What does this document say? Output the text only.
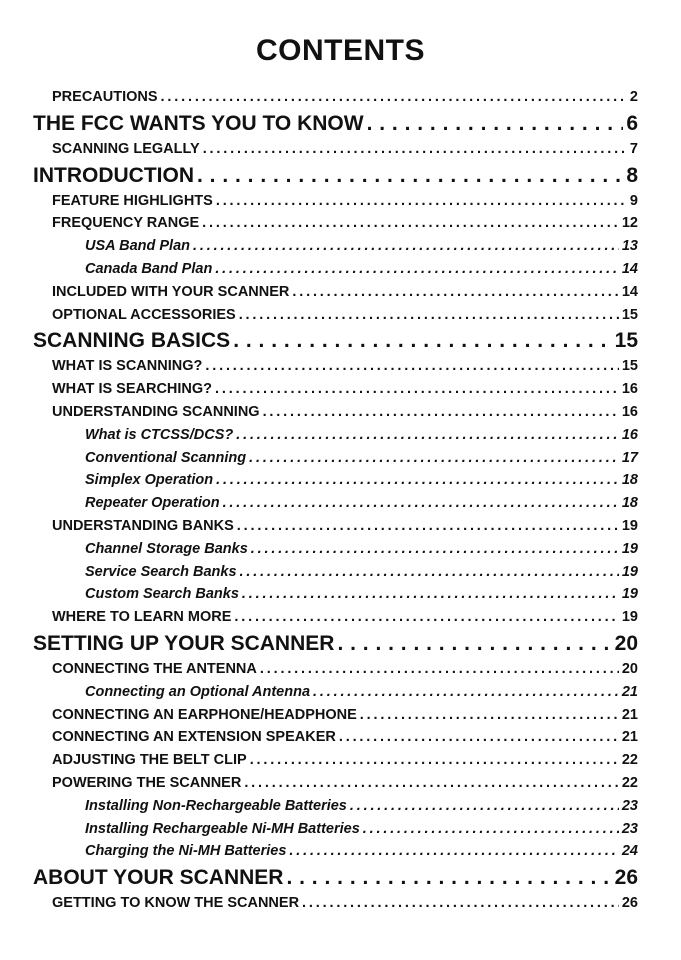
CONTENTS
PRECAUTIONS . . .	2
THE FCC WANTS YOU TO KNOW . . .	6
SCANNING LEGALLY . . .	7
INTRODUCTION . . .	8
FEATURE HIGHLIGHTS . . .	9
FREQUENCY RANGE . . .	12
USA Band Plan . . .	13
Canada Band Plan . . .	14
INCLUDED WITH YOUR SCANNER . . .	14
OPTIONAL ACCESSORIES . . .	15
SCANNING BASICS . . .	15
WHAT IS SCANNING? . . .	15
WHAT IS SEARCHING? . . .	16
UNDERSTANDING SCANNING . . .	16
What is CTCSS/DCS? . . .	16
Conventional Scanning . . .	17
Simplex Operation . . .	18
Repeater Operation . . .	18
UNDERSTANDING BANKS . . .	19
Channel Storage Banks . . .	19
Service Search Banks . . .	19
Custom Search Banks . . .	19
WHERE TO LEARN MORE . . .	19
SETTING UP YOUR SCANNER . . .	20
CONNECTING THE ANTENNA . . .	20
Connecting an Optional Antenna . . .	21
CONNECTING AN EARPHONE/HEADPHONE . . .	21
CONNECTING AN EXTENSION SPEAKER . . .	21
ADJUSTING THE BELT CLIP . . .	22
POWERING THE SCANNER . . .	22
Installing Non-Rechargeable Batteries . . .	23
Installing Rechargeable Ni-MH Batteries . . .	23
Charging the Ni-MH Batteries . . .	24
ABOUT YOUR SCANNER . . .	26
GETTING TO KNOW THE SCANNER . . .	26
